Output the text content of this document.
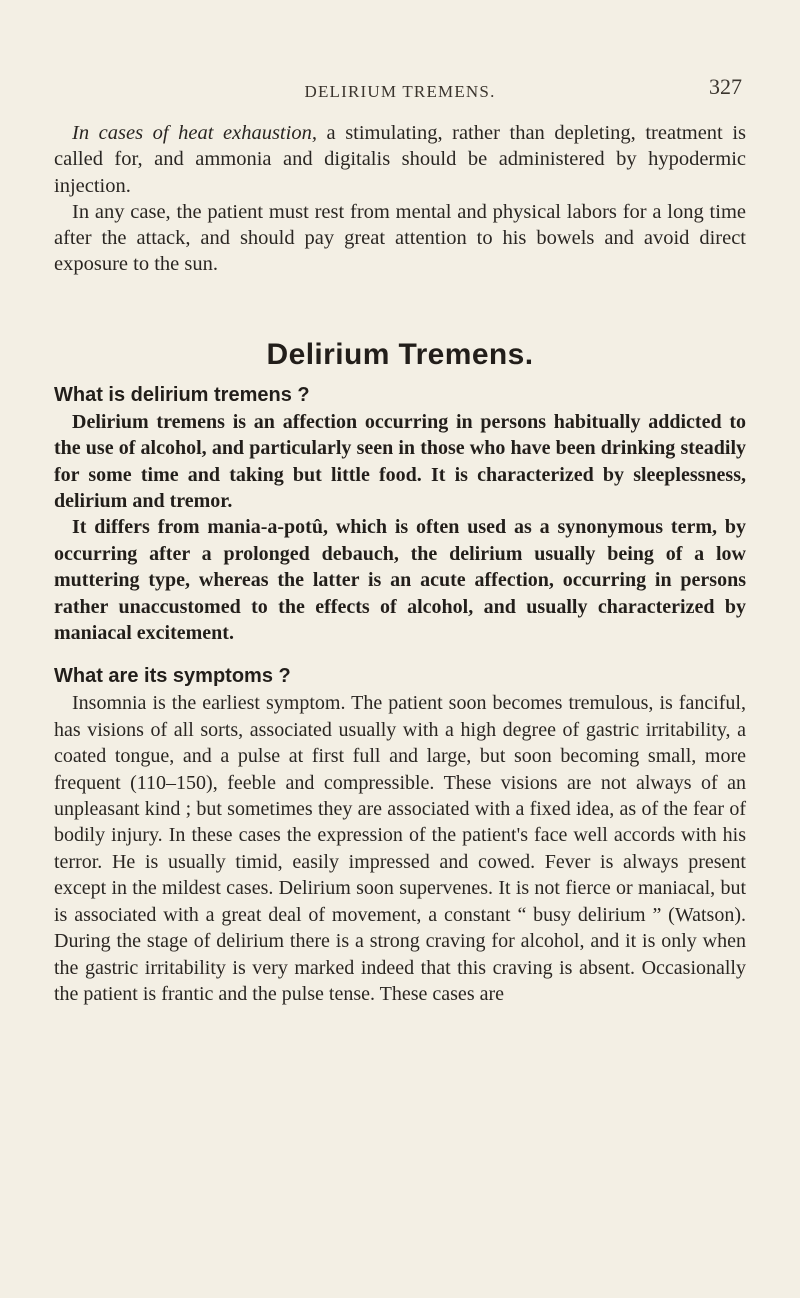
DELIRIUM TREMENS.	327

In cases of heat exhaustion, a stimulating, rather than depleting, treatment is called for, and ammonia and digitalis should be administered by hypodermic injection.

In any case, the patient must rest from mental and physical labors for a long time after the attack, and should pay great attention to his bowels and avoid direct exposure to the sun.

Delirium Tremens.
What is delirium tremens ?

Delirium tremens is an affection occurring in persons habitually addicted to the use of alcohol, and particularly seen in those who have been drinking steadily for some time and taking but little food. It is characterized by sleeplessness, delirium and tremor.

It differs from mania-a-potû, which is often used as a synonymous term, by occurring after a prolonged debauch, the delirium usually being of a low muttering type, whereas the latter is an acute affection, occurring in persons rather unaccustomed to the effects of alcohol, and usually characterized by maniacal excitement.

What are its symptoms ?

Insomnia is the earliest symptom. The patient soon becomes tremulous, is fanciful, has visions of all sorts, associated usually with a high degree of gastric irritability, a coated tongue, and a pulse at first full and large, but soon becoming small, more frequent (110–150), feeble and compressible. These visions are not always of an unpleasant kind ; but sometimes they are associated with a fixed idea, as of the fear of bodily injury. In these cases the expression of the patient's face well accords with his terror. He is usually timid, easily impressed and cowed. Fever is always present except in the mildest cases. Delirium soon supervenes. It is not fierce or maniacal, but is associated with a great deal of movement, a constant “ busy delirium ” (Watson). During the stage of delirium there is a strong craving for alcohol, and it is only when the gastric irritability is very marked indeed that this craving is absent. Occasionally the patient is frantic and the pulse tense. These cases are
